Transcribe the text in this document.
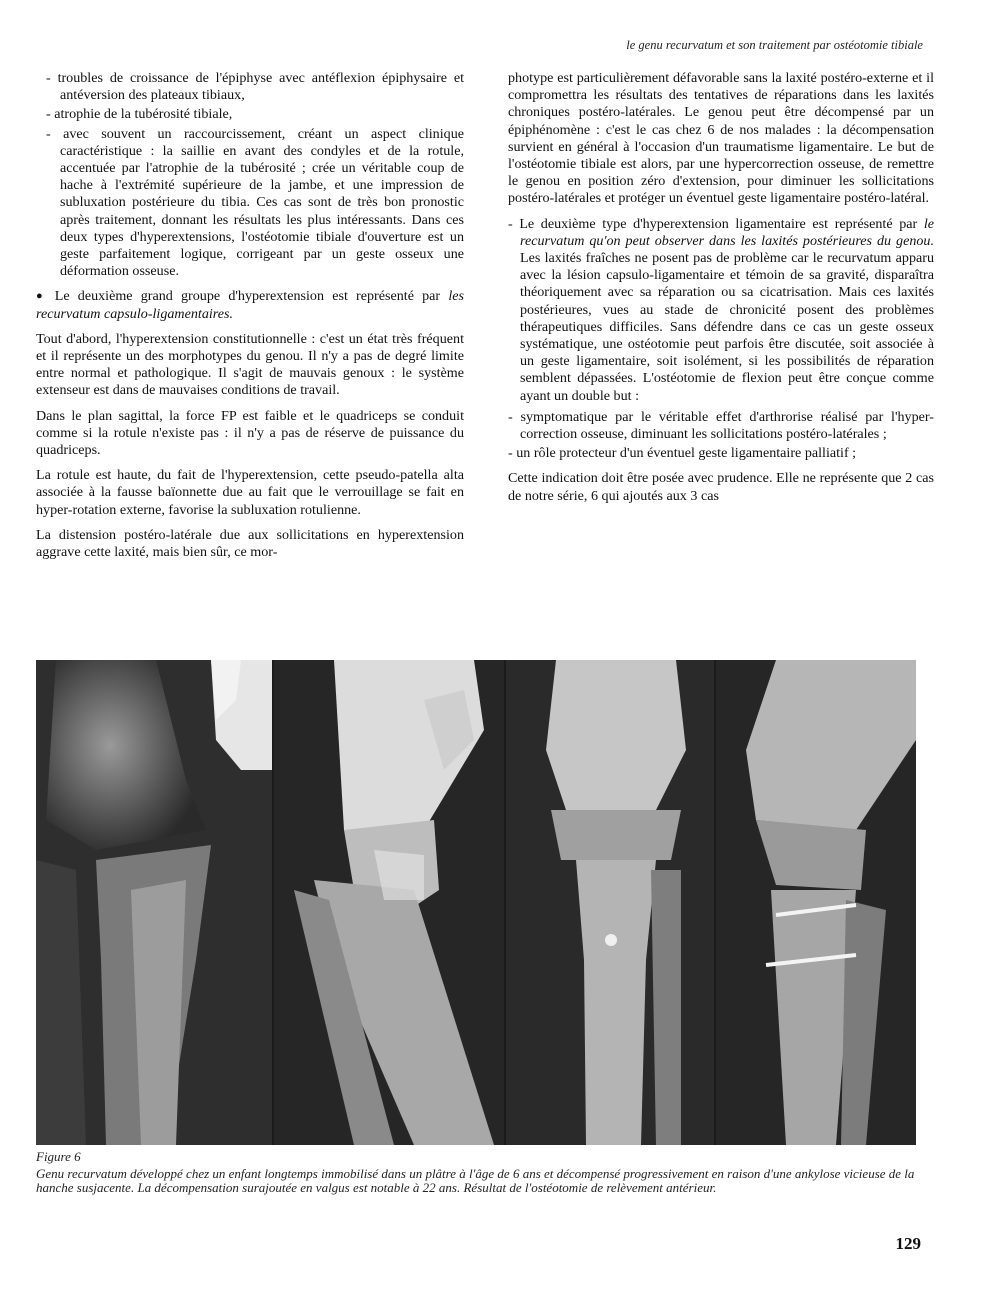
le genu recurvatum et son traitement par ostéotomie tibiale
- troubles de croissance de l'épiphyse avec antéflexion épiphysaire et antéversion des plateaux tibiaux,
- atrophie de la tubérosité tibiale,
- avec souvent un raccourcissement, créant un aspect clinique caractéristique : la saillie en avant des condyles et de la rotule, accentuée par l'atrophie de la tubérosité ; crée un véritable coup de hache à l'extrémité supérieure de la jambe, et une impression de subluxation postérieure du tibia. Ces cas sont de très bon pronostic après traitement, donnant les résultats les plus intéressants. Dans ces deux types d'hyperextensions, l'ostéotomie tibiale d'ouverture est un geste parfaitement logique, corrigeant par un geste osseux une déformation osseuse.

● Le deuxième grand groupe d'hyperextension est représenté par les recurvatum capsulo-ligamentaires.

Tout d'abord, l'hyperextension constitutionnelle : c'est un état très fréquent et il représente un des morphotypes du genou. Il n'y a pas de degré limite entre normal et pathologique. Il s'agit de mauvais genoux : le système extenseur est dans de mauvaises conditions de travail.

Dans le plan sagittal, la force FP est faible et le quadriceps se conduit comme si la rotule n'existe pas : il n'y a pas de réserve de puissance du quadriceps.

La rotule est haute, du fait de l'hyperextension, cette pseudo-patella alta associée à la fausse baïonnette due au fait que le verrouillage se fait en hyper-rotation externe, favorise la subluxation rotulienne.

La distension postéro-latérale due aux sollicitations en hyperextension aggrave cette laxité, mais bien sûr, ce mor-

photype est particulièrement défavorable sans la laxité postéro-externe et il compromettra les résultats des tentatives de réparations dans les laxités chroniques postéro-latérales. Le genou peut être décompensé par un épiphénomène : c'est le cas chez 6 de nos malades : la décompensation survient en général à l'occasion d'un traumatisme ligamentaire. Le but de l'ostéotomie tibiale est alors, par une hypercorrection osseuse, de remettre le genou en position zéro d'extension, pour diminuer les sollicitations postéro-latérales et protéger un éventuel geste ligamentaire postéro-latéral.

- Le deuxième type d'hyperextension ligamentaire est représenté par le recurvatum qu'on peut observer dans les laxités postérieures du genou. Les laxités fraîches ne posent pas de problème car le recurvatum apparu avec la lésion capsulo-ligamentaire et témoin de sa gravité, disparaîtra théoriquement avec sa réparation ou sa cicatrisation. Mais ces laxités postérieures, vues au stade de chronicité posent des problèmes thérapeutiques difficiles. Sans défendre dans ce cas un geste osseux systématique, une ostéotomie peut parfois être discutée, soit associée à un geste ligamentaire, soit isolément, si les possibilités de réparation semblent dépassées. L'ostéotomie de flexion peut être conçue comme ayant un double but :
- symptomatique par le véritable effet d'arthrorise réalisé par l'hyper-correction osseuse, diminuant les sollicitations postéro-latérales ;
- un rôle protecteur d'un éventuel geste ligamentaire palliatif ;

Cette indication doit être posée avec prudence. Elle ne représente que 2 cas de notre série, 6 qui ajoutés aux 3 cas

Figure 6
Genu recurvatum développé chez un enfant longtemps immobilisé dans un plâtre à l'âge de 6 ans et décompensé progressivement en raison d'une ankylose vicieuse de la hanche susjacente. La décompensation surajoutée en valgus est notable à 22 ans. Résultat de l'ostéotomie de relèvement antérieur.
129
